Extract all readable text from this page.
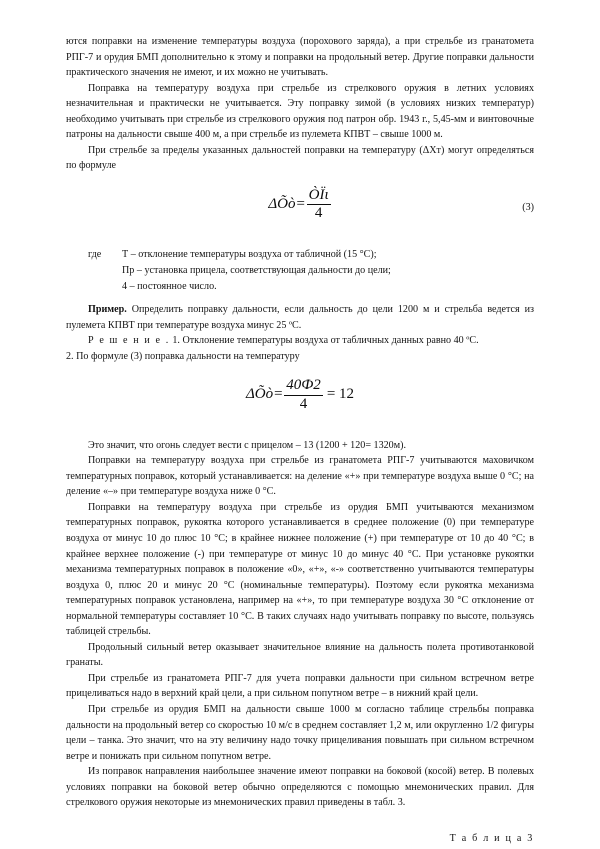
ются поправки на изменение температуры воздуха (порохового заряда), а при стрельбе из гранатомета РПГ-7 и орудия БМП дополнительно к этому и поправки на продольный ветер. Другие поправки дальности практического значения не имеют, и их можно не учитывать.

Поправка на температуру воздуха при стрельбе из стрелкового оружия в летних условиях незначительная и практически не учитывается. Эту поправку зимой (в условиях низких температур) необходимо учитывать при стрельбе из стрелкового оружия под патрон обр. 1943 г., 5,45-мм и винтовочные патроны на дальности свыше 400 м, а при стрельбе из пулемета КПВТ – свыше 1000 м.

При стрельбе за пределы указанных дальностей поправки на температуру (ΔХт) могут определяться по формуле

ΔÕò = $\frac{\text{ÒÏι}}{4}$	(3)
где	Т – отклонение температуры воздуха от табличной (15 °С);
Пр – установка прицела, соответствующая дальности до цели;
4 – постоянное число.

Пример. Определить поправку дальности, если дальность до цели 1200 м и стрельба ведется из пулемета КПВТ при температуре воздуха минус 25 ºС.

Р е ш е н и е . 1. Отклонение температуры воздуха от табличных данных равно 40 ºС.

2. По формуле (3) поправка дальности на температуру

ΔÕò = $\frac{40Ф2}{4} = 12$

Это значит, что огонь следует вести с прицелом – 13 (1200 + 120= 1320м).

Поправки на температуру воздуха при стрельбе из гранатомета РПГ-7 учитываются маховичком температурных поправок, который устанавливается: на деление «+» при температуре воздуха выше 0 °С; на деление «–» при температуре воздуха ниже 0 °С.

Поправки на температуру воздуха при стрельбе из орудия БМП учитываются механизмом температурных поправок, рукоятка которого устанавливается в среднее положение (0) при температуре воздуха от минус 10 до плюс 10 °С; в крайнее нижнее положение (+) при температуре от 10 до 40 °С; в крайнее верхнее положение (-) при температуре от минус 10 до минус 40 °С. При установке рукоятки механизма температурных поправок в положение «0», «+», «-» соответственно учитываются температуры воздуха 0, плюс 20 и минус 20 °С (номинальные температуры). Поэтому если рукоятка механизма температурных поправок установлена, например на «+», то при температуре воздуха 30 °С отклонение от нормальной температуры составляет 10 °С. В таких случаях надо учитывать поправку по высоте, пользуясь таблицей стрельбы.

Продольный сильный ветер оказывает значительное влияние на дальность полета противотанковой гранаты.

При стрельбе из гранатомета РПГ-7 для учета поправки дальности при сильном встречном ветре прицеливаться надо в верхний край цели, а при сильном попутном ветре – в нижний край цели.

При стрельбе из орудия БМП на дальности свыше 1000 м согласно таблице стрельбы поправка дальности на продольный ветер со скоростью 10 м/с в среднем составляет 1,2 м, или округленно 1/2 фигуры цели – танка. Это значит, что на эту величину надо точку прицеливания повышать при сильном встречном ветре и понижать при сильном попутном ветре.

Из поправок направления наибольшее значение имеют поправки на боковой (косой) ветер. В полевых условиях поправки на боковой ветер обычно определяются с помощью мнемонических правил. Для стрелкового оружия некоторые из мнемонических правил приведены в табл. 3.

Т а б л и ц а 3
